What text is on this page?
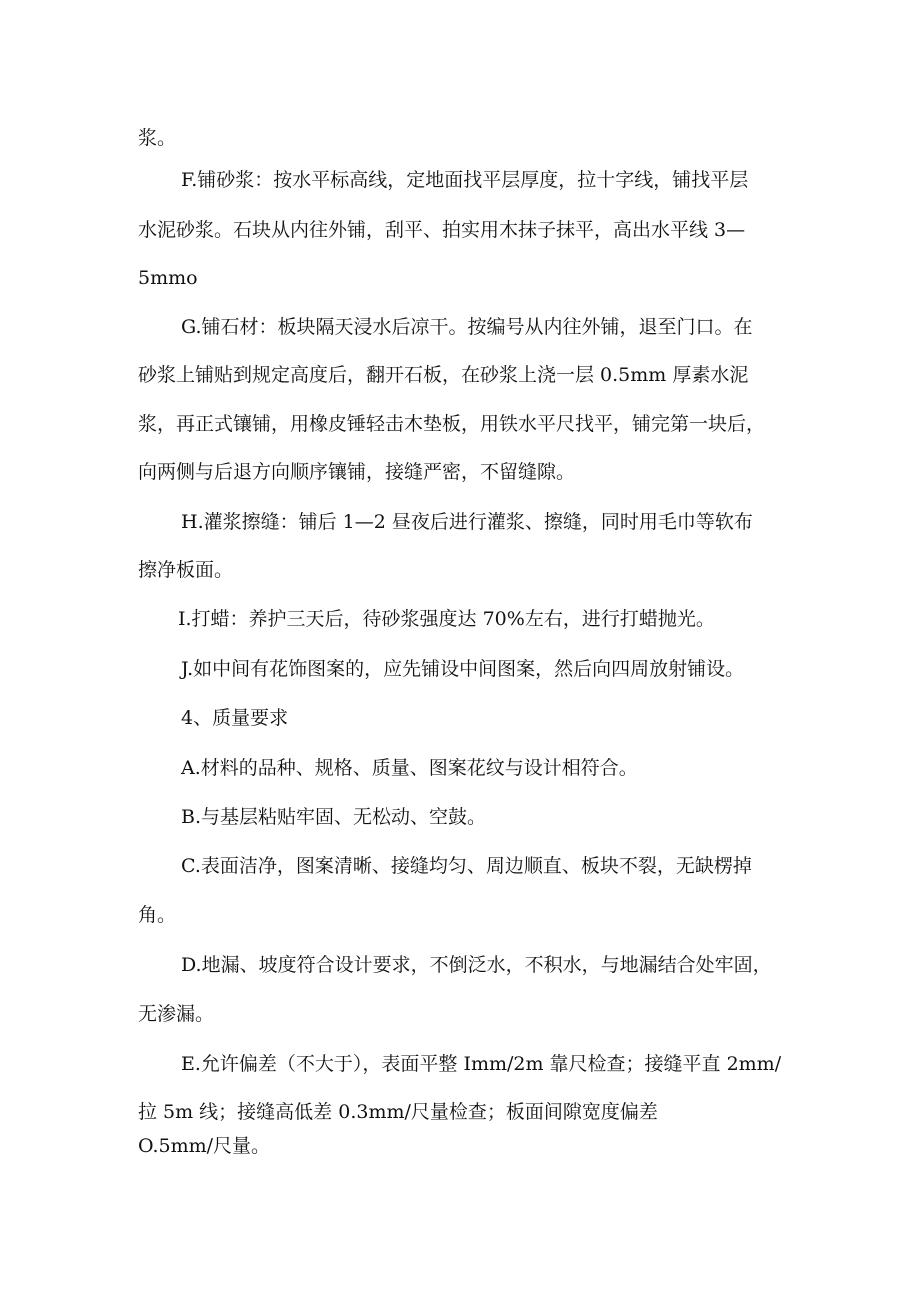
浆。
F.铺砂浆：按水平标高线，定地面找平层厚度，拉十字线，铺找平层
水泥砂浆。石块从内往外铺，刮平、拍实用木抹子抹平，高出水平线 3—
5mmo
G.铺石材：板块隔天浸水后凉干。按编号从内往外铺，退至门口。在
砂浆上铺贴到规定高度后，翻开石板，在砂浆上浇一层 0.5mm 厚素水泥
浆，再正式镶铺，用橡皮锤轻击木垫板，用铁水平尺找平，铺完第一块后，
向两侧与后退方向顺序镶铺，接缝严密，不留缝隙。
H.灌浆擦缝：铺后 1—2 昼夜后进行灌浆、擦缝，同时用毛巾等软布
擦净板面。
I.打蜡：养护三天后，待砂浆强度达 70%左右，进行打蜡抛光。
J.如中间有花饰图案的，应先铺设中间图案，然后向四周放射铺设。
4、质量要求
A.材料的品种、规格、质量、图案花纹与设计相符合。
B.与基层粘贴牢固、无松动、空鼓。
C.表面洁净，图案清晰、接缝均匀、周边顺直、板块不裂，无缺楞掉
角。
D.地漏、坡度符合设计要求，不倒泛水，不积水，与地漏结合处牢固，
无渗漏。
E.允许偏差（不大于），表面平整 Imm∕2m 靠尺检查；接缝平直 2mm∕
拉 5m 线；接缝高低差 0.3mm∕尺量检查；板面间隙宽度偏差
O.5mm∕尺量。
